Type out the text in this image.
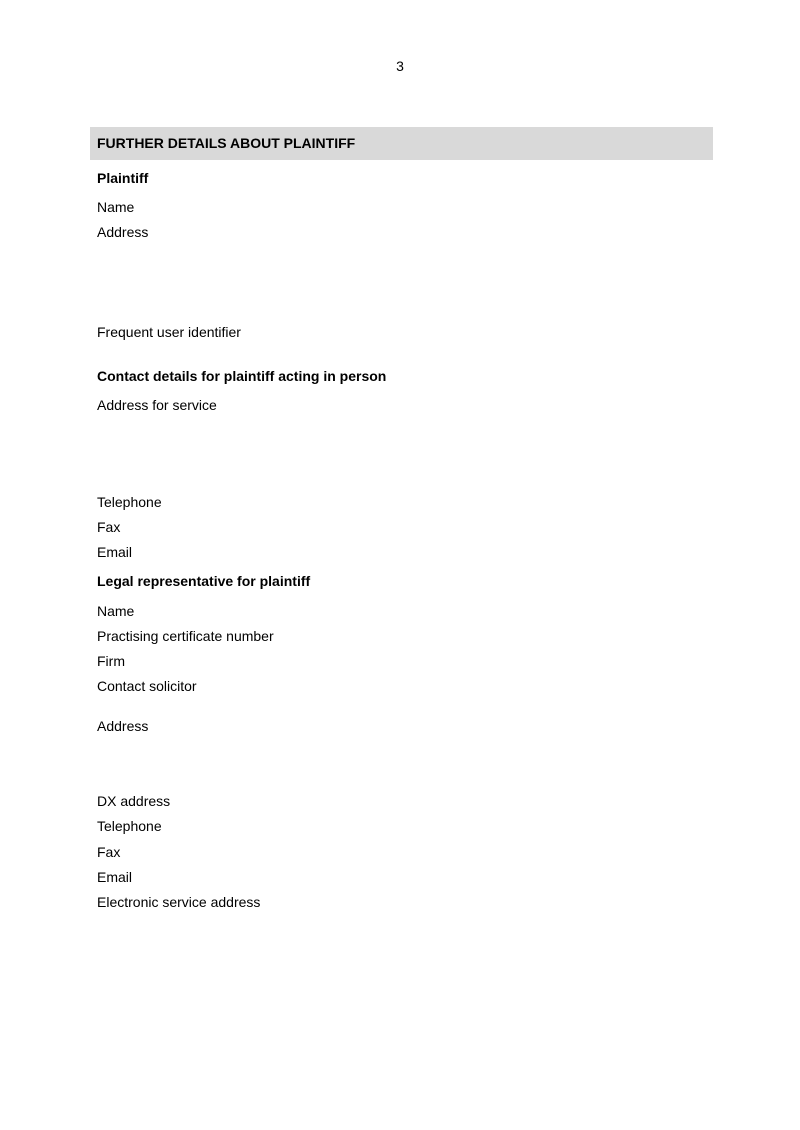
3
FURTHER DETAILS ABOUT PLAINTIFF
Plaintiff
Name
Address
Frequent user identifier
Contact details for plaintiff acting in person
Address for service
Telephone
Fax
Email
Legal representative for plaintiff
Name
Practising certificate number
Firm
Contact solicitor
Address
DX address
Telephone
Fax
Email
Electronic service address
